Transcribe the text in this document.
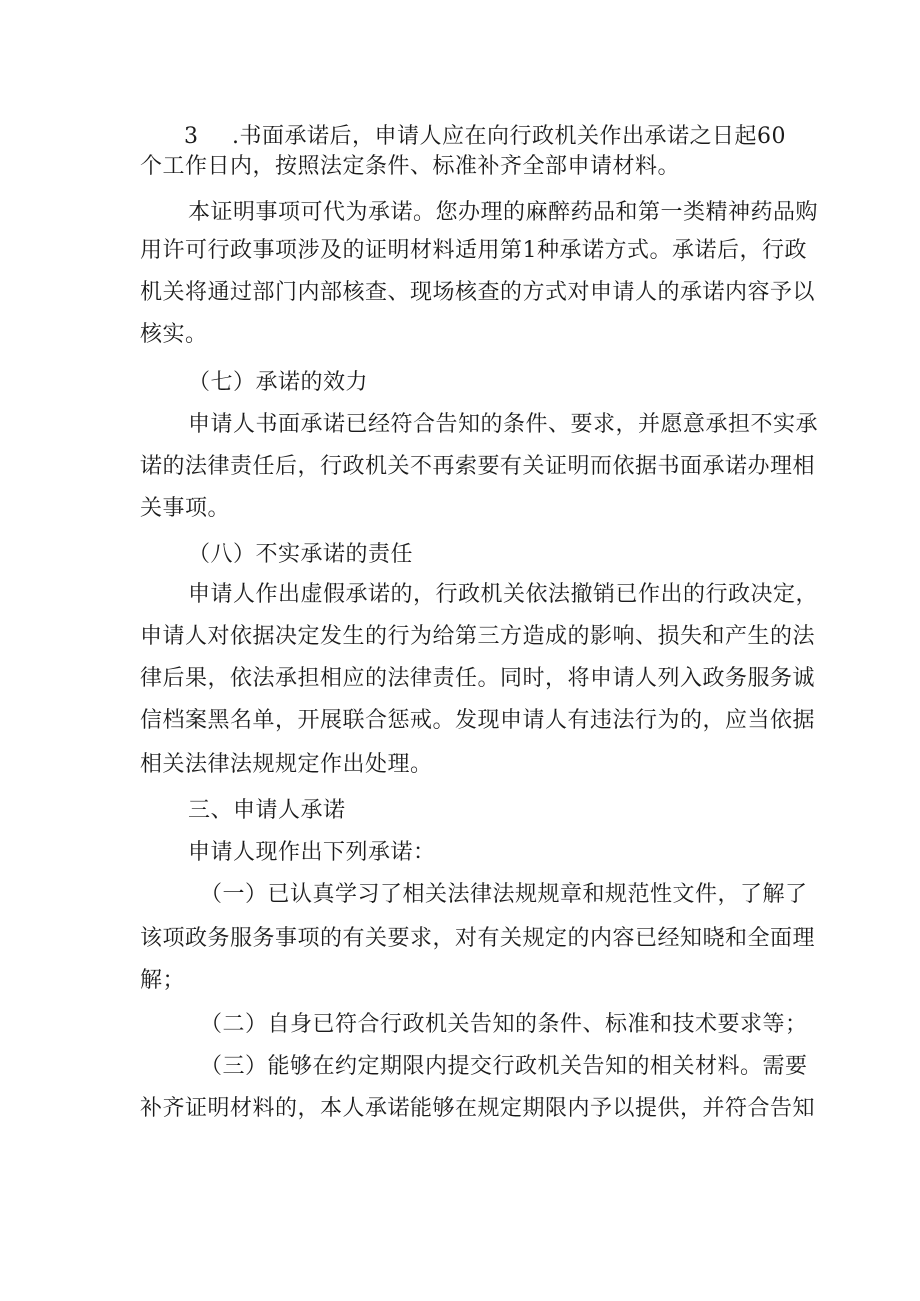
3 .书面承诺后，申请人应在向行政机关作出承诺之日起60
个工作日内，按照法定条件、标准补齐全部申请材料。
本证明事项可代为承诺。您办理的麻醉药品和第一类精神药品购
用许可行政事项涉及的证明材料适用第1种承诺方式。承诺后，行政
机关将通过部门内部核查、现场核查的方式对申请人的承诺内容予以
核实。
（七）承诺的效力
申请人书面承诺已经符合告知的条件、要求，并愿意承担不实承
诺的法律责任后，行政机关不再索要有关证明而依据书面承诺办理相
关事项。
（八）不实承诺的责任
申请人作出虚假承诺的，行政机关依法撤销已作出的行政决定，
申请人对依据决定发生的行为给第三方造成的影响、损失和产生的法
律后果，依法承担相应的法律责任。同时，将申请人列入政务服务诚
信档案黑名单，开展联合惩戒。发现申请人有违法行为的，应当依据
相关法律法规规定作出处理。
三、申请人承诺
申请人现作出下列承诺：
（一）已认真学习了相关法律法规规章和规范性文件，了解了
该项政务服务事项的有关要求，对有关规定的内容已经知晓和全面理
解；
（二）自身已符合行政机关告知的条件、标准和技术要求等；
（三）能够在约定期限内提交行政机关告知的相关材料。需要
补齐证明材料的，本人承诺能够在规定期限内予以提供，并符合告知
